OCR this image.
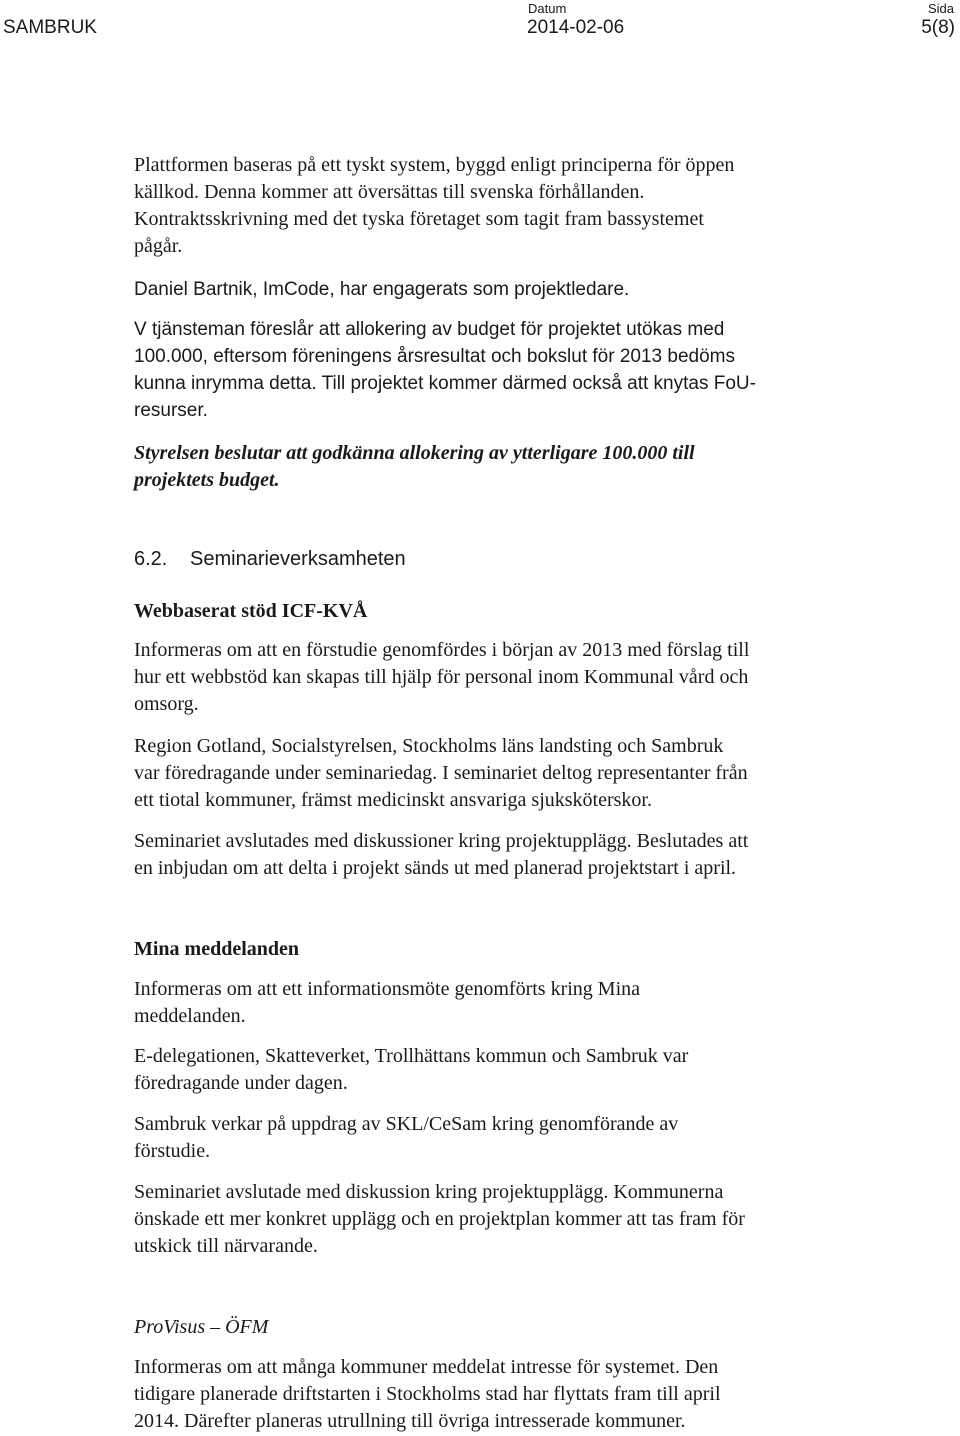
SAMBRUK
Datum
2014-02-06
Sida
5(8)

Plattformen baseras på ett tyskt system, byggd enligt principerna för öppen
källkod. Denna kommer att översättas till svenska förhållanden.
Kontraktsskrivning med det tyska företaget som tagit fram bassystemet
pågår.

Daniel Bartnik, ImCode, har engagerats som projektledare.

V tjänsteman föreslår att allokering av budget för projektet utökas med
100.000, eftersom föreningens årsresultat och bokslut för 2013 bedöms
kunna inrymma detta. Till projektet kommer därmed också att knytas FoU-
resurser.

Styrelsen beslutar att godkänna allokering av ytterligare 100.000 till
projektets budget.

6.2. Seminarieverksamheten

Webbaserat stöd ICF-KVÅ

Informeras om att en förstudie genomfördes i början av 2013 med förslag till
hur ett webbstöd kan skapas till hjälp för personal inom Kommunal vård och
omsorg.

Region Gotland, Socialstyrelsen, Stockholms läns landsting och Sambruk
var föredragande under seminariedag. I seminariet deltog representanter från
ett tiotal kommuner, främst medicinskt ansvariga sjuksköterskor.

Seminariet avslutades med diskussioner kring projektupplägg. Beslutades att
en inbjudan om att delta i projekt sänds ut med planerad projektstart i april.

Mina meddelanden

Informeras om att ett informationsmöte genomförts kring Mina
meddelanden.

E-delegationen, Skatteverket, Trollhättans kommun och Sambruk var
föredragande under dagen.

Sambruk verkar på uppdrag av SKL/CeSam kring genomförande av
förstudie.

Seminariet avslutade med diskussion kring projektupplägg. Kommunerna
önskade ett mer konkret upplägg och en projektplan kommer att tas fram för
utskick till närvarande.

ProVisus – ÖFM

Informeras om att många kommuner meddelat intresse för systemet. Den
tidigare planerade driftstarten i Stockholms stad har flyttats fram till april
2014. Därefter planeras utrullning till övriga intresserade kommuner.
